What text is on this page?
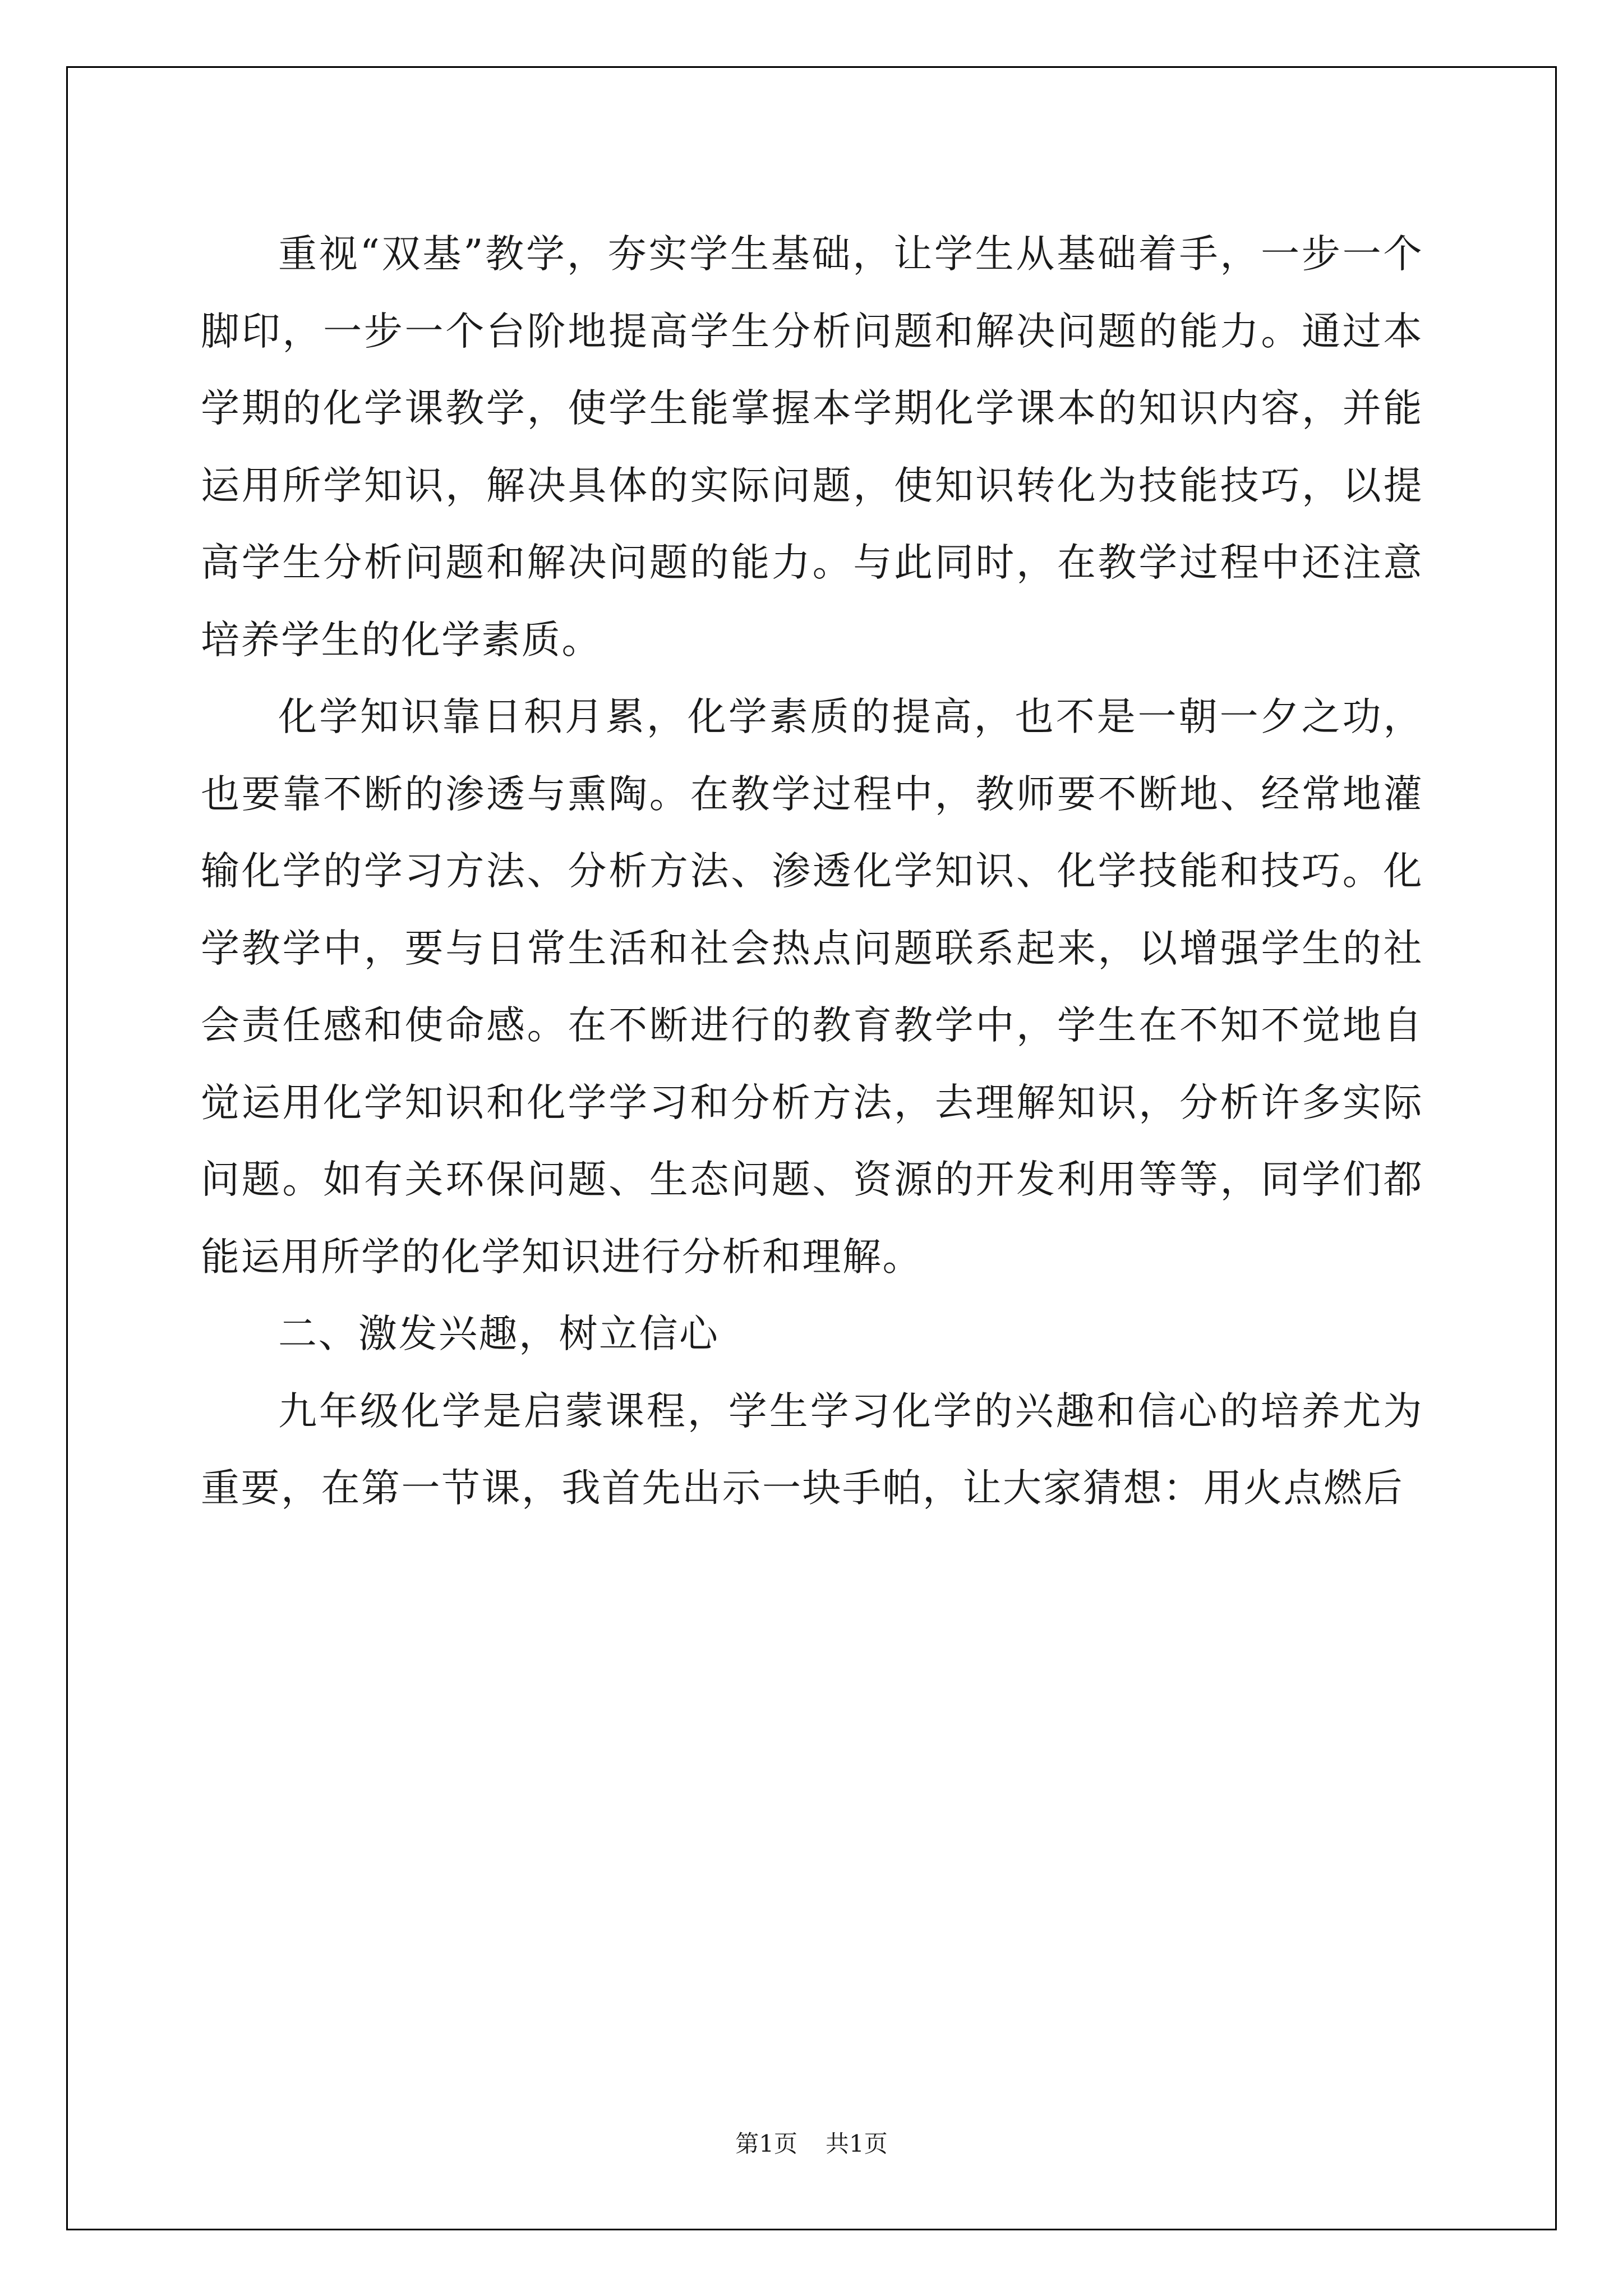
重视“双基”教学，夯实学生基础，让学生从基础着手，一步一个脚印，一步一个台阶地提高学生分析问题和解决问题的能力。通过本学期的化学课教学，使学生能掌握本学期化学课本的知识内容，并能运用所学知识，解决具体的实际问题，使知识转化为技能技巧，以提高学生分析问题和解决问题的能力。与此同时，在教学过程中还注意培养学生的化学素质。

化学知识靠日积月累，化学素质的提高，也不是一朝一夕之功，也要靠不断的渗透与熏陶。在教学过程中，教师要不断地、经常地灌输化学的学习方法、分析方法、渗透化学知识、化学技能和技巧。化学教学中，要与日常生活和社会热点问题联系起来，以增强学生的社会责任感和使命感。在不断进行的教育教学中，学生在不知不觉地自觉运用化学知识和化学学习和分析方法，去理解知识，分析许多实际问题。如有关环保问题、生态问题、资源的开发利用等等，同学们都能运用所学的化学知识进行分析和理解。

二、激发兴趣，树立信心

九年级化学是启蒙课程，学生学习化学的兴趣和信心的培养尤为重要，在第一节课，我首先出示一块手帕，让大家猜想：用火点燃后

第1页 共1页
